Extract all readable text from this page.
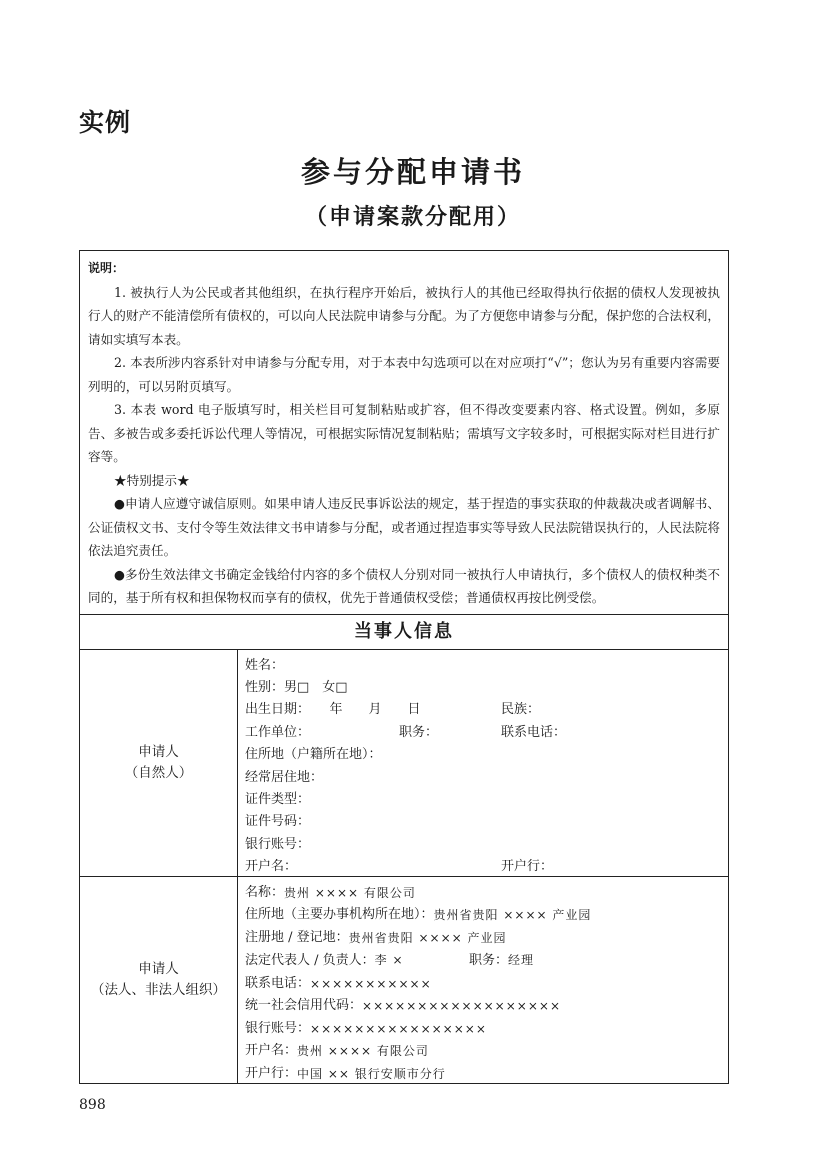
实例
参与分配申请书
（申请案款分配用）

说明：

1. 被执行人为公民或者其他组织，在执行程序开始后，被执行人的其他已经取得执行依据的债权人发现被执行人的财产不能清偿所有债权的，可以向人民法院申请参与分配。为了方便您申请参与分配，保护您的合法权利，请如实填写本表。

2. 本表所涉内容系针对申请参与分配专用，对于本表中勾选项可以在对应项打“√”；您认为另有重要内容需要列明的，可以另附页填写。

3. 本表 word 电子版填写时，相关栏目可复制粘贴或扩容，但不得改变要素内容、格式设置。例如，多原告、多被告或多委托诉讼代理人等情况，可根据实际情况复制粘贴；需填写文字较多时，可根据实际对栏目进行扩容等。

★特别提示★

●申请人应遵守诚信原则。如果申请人违反民事诉讼法的规定，基于捏造的事实获取的仲裁裁决或者调解书、公证债权文书、支付令等生效法律文书申请参与分配，或者通过捏造事实等导致人民法院错误执行的，人民法院将依法追究责任。

●多份生效法律文书确定金钱给付内容的多个债权人分别对同一被执行人申请执行，多个债权人的债权种类不同的，基于所有权和担保物权而享有的债权，优先于普通债权受偿；普通债权再按比例受偿。

当事人信息
申请人
（自然人）
姓名：
性别：男□　女□
出生日期：　　年　　月　　日	民族：
工作单位：	职务：	联系电话：
住所地（户籍所在地）：
经常居住地：
证件类型：
证件号码：
银行账号：
开户名：	开户行：
申请人
（法人、非法人组织）
名称： 贵州 ×××× 有限公司
住所地（主要办事机构所在地）： 贵州省贵阳 ×××× 产业园
注册地 / 登记地： 贵州省贵阳 ×××× 产业园
法定代表人 / 负责人：李 ×	职务：经理
联系电话： ×××××××××××
统一社会信用代码： ××××××××××××××××××
银行账号： ××××××××××××××××
开户名： 贵州 ×××× 有限公司
开户行： 中国 ×× 银行安顺市分行
898
